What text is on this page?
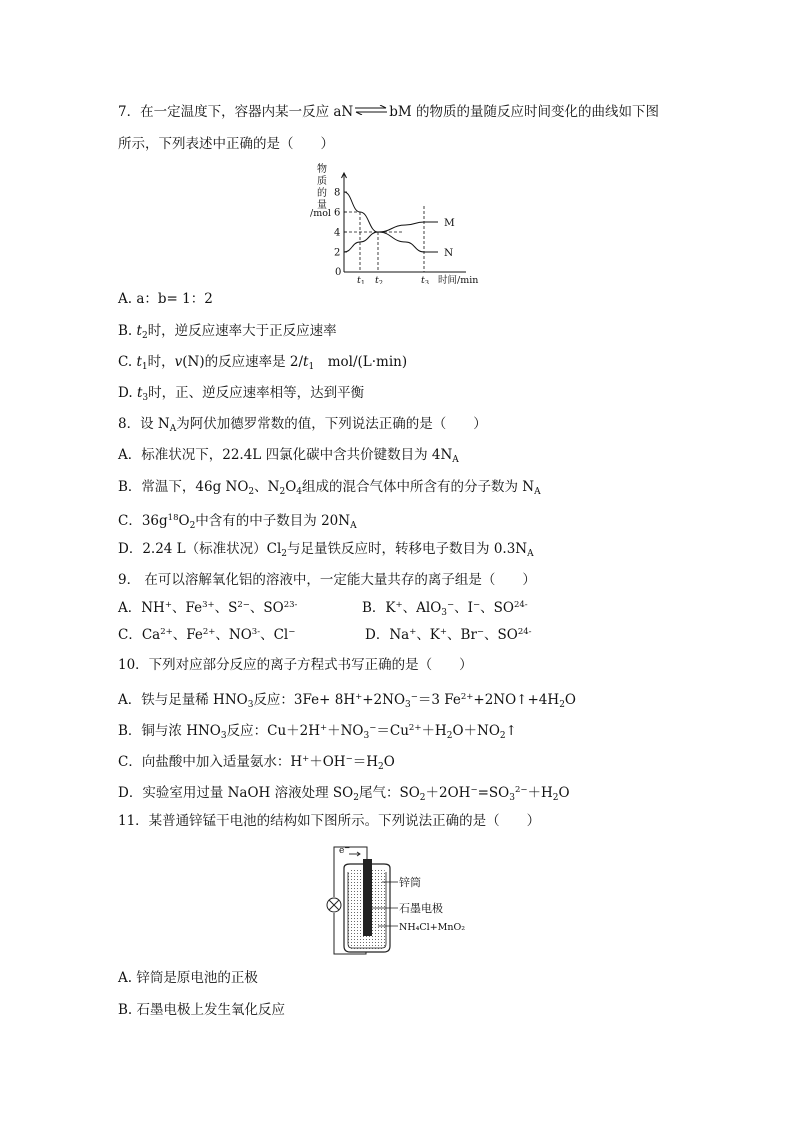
7．在一定温度下，容器内某一反应 aN⇌bM 的物质的量随反应时间变化的曲线如下图
所示，下列表述中正确的是（　　）
物
质
的
量
/mol
8
6
4
2
0
$t_1$ $t_2$	$t_3$ 时间/min
M
N
A. a：b= 1：2
B. $t_2$时，逆反应速率大于正反应速率
C. $t_1$时，v(N)的反应速率是 $2/t_1$　mol/(L·min)
D. $t_3$时，正、逆反应速率相等，达到平衡
8．设 $N_A$为阿伏加德罗常数的值，下列说法正确的是（　　）
A．标准状况下，22.4L 四氯化碳中含共价键数目为 $4N_A$
B．常温下，46g $NO_2$、$N_2O_4$组成的混合气体中所含有的分子数为 $N_A$
C．$36g^{18}O_2$中含有的中子数目为 $20N_A$
D．2.24 L（标准状况）$Cl_2$与足量铁反应时，转移电子数目为 $0.3N_A$
9． 在可以溶解氧化铝的溶液中，一定能大量共存的离子组是（　　）
A．NH+、$Fe^{3+}$、$S^{2-}$、$SO^{23-}$	B．K+、AlO$_3$−、I−、$SO^{24-}$
C．$Ca^{2+}$、$Fe^{2+}$、$NO^{3-}$、Cl−	D．Na+、K+、Br−、$SO^{24-}$
10．下列对应部分反应的离子方程式书写正确的是（　　）
A．铁与足量稀 $HNO_3$反应：$3Fe+ 8H^++2NO_3^-=3$ $Fe^{2+}+2NO↑+4H_2O$
B．铜与浓 $HNO_3$反应：$Cu+2H^++NO_3^-=Cu^{2+}+H_2O+NO_2↑$
C．向盐酸中加入适量氨水：$H^++OH^-=H_2O$
D．实验室用过量 NaOH 溶液处理 $SO_2$尾气：$SO_2+2OH^-=SO_3^{2-}+H_2O$
11．某普通锌锰干电池的结构如下图所示。下列说法正确的是（　　）
e−
锌筒
石墨电极
NH₄Cl+MnO₂
A. 锌筒是原电池的正极
B. 石墨电极上发生氧化反应
